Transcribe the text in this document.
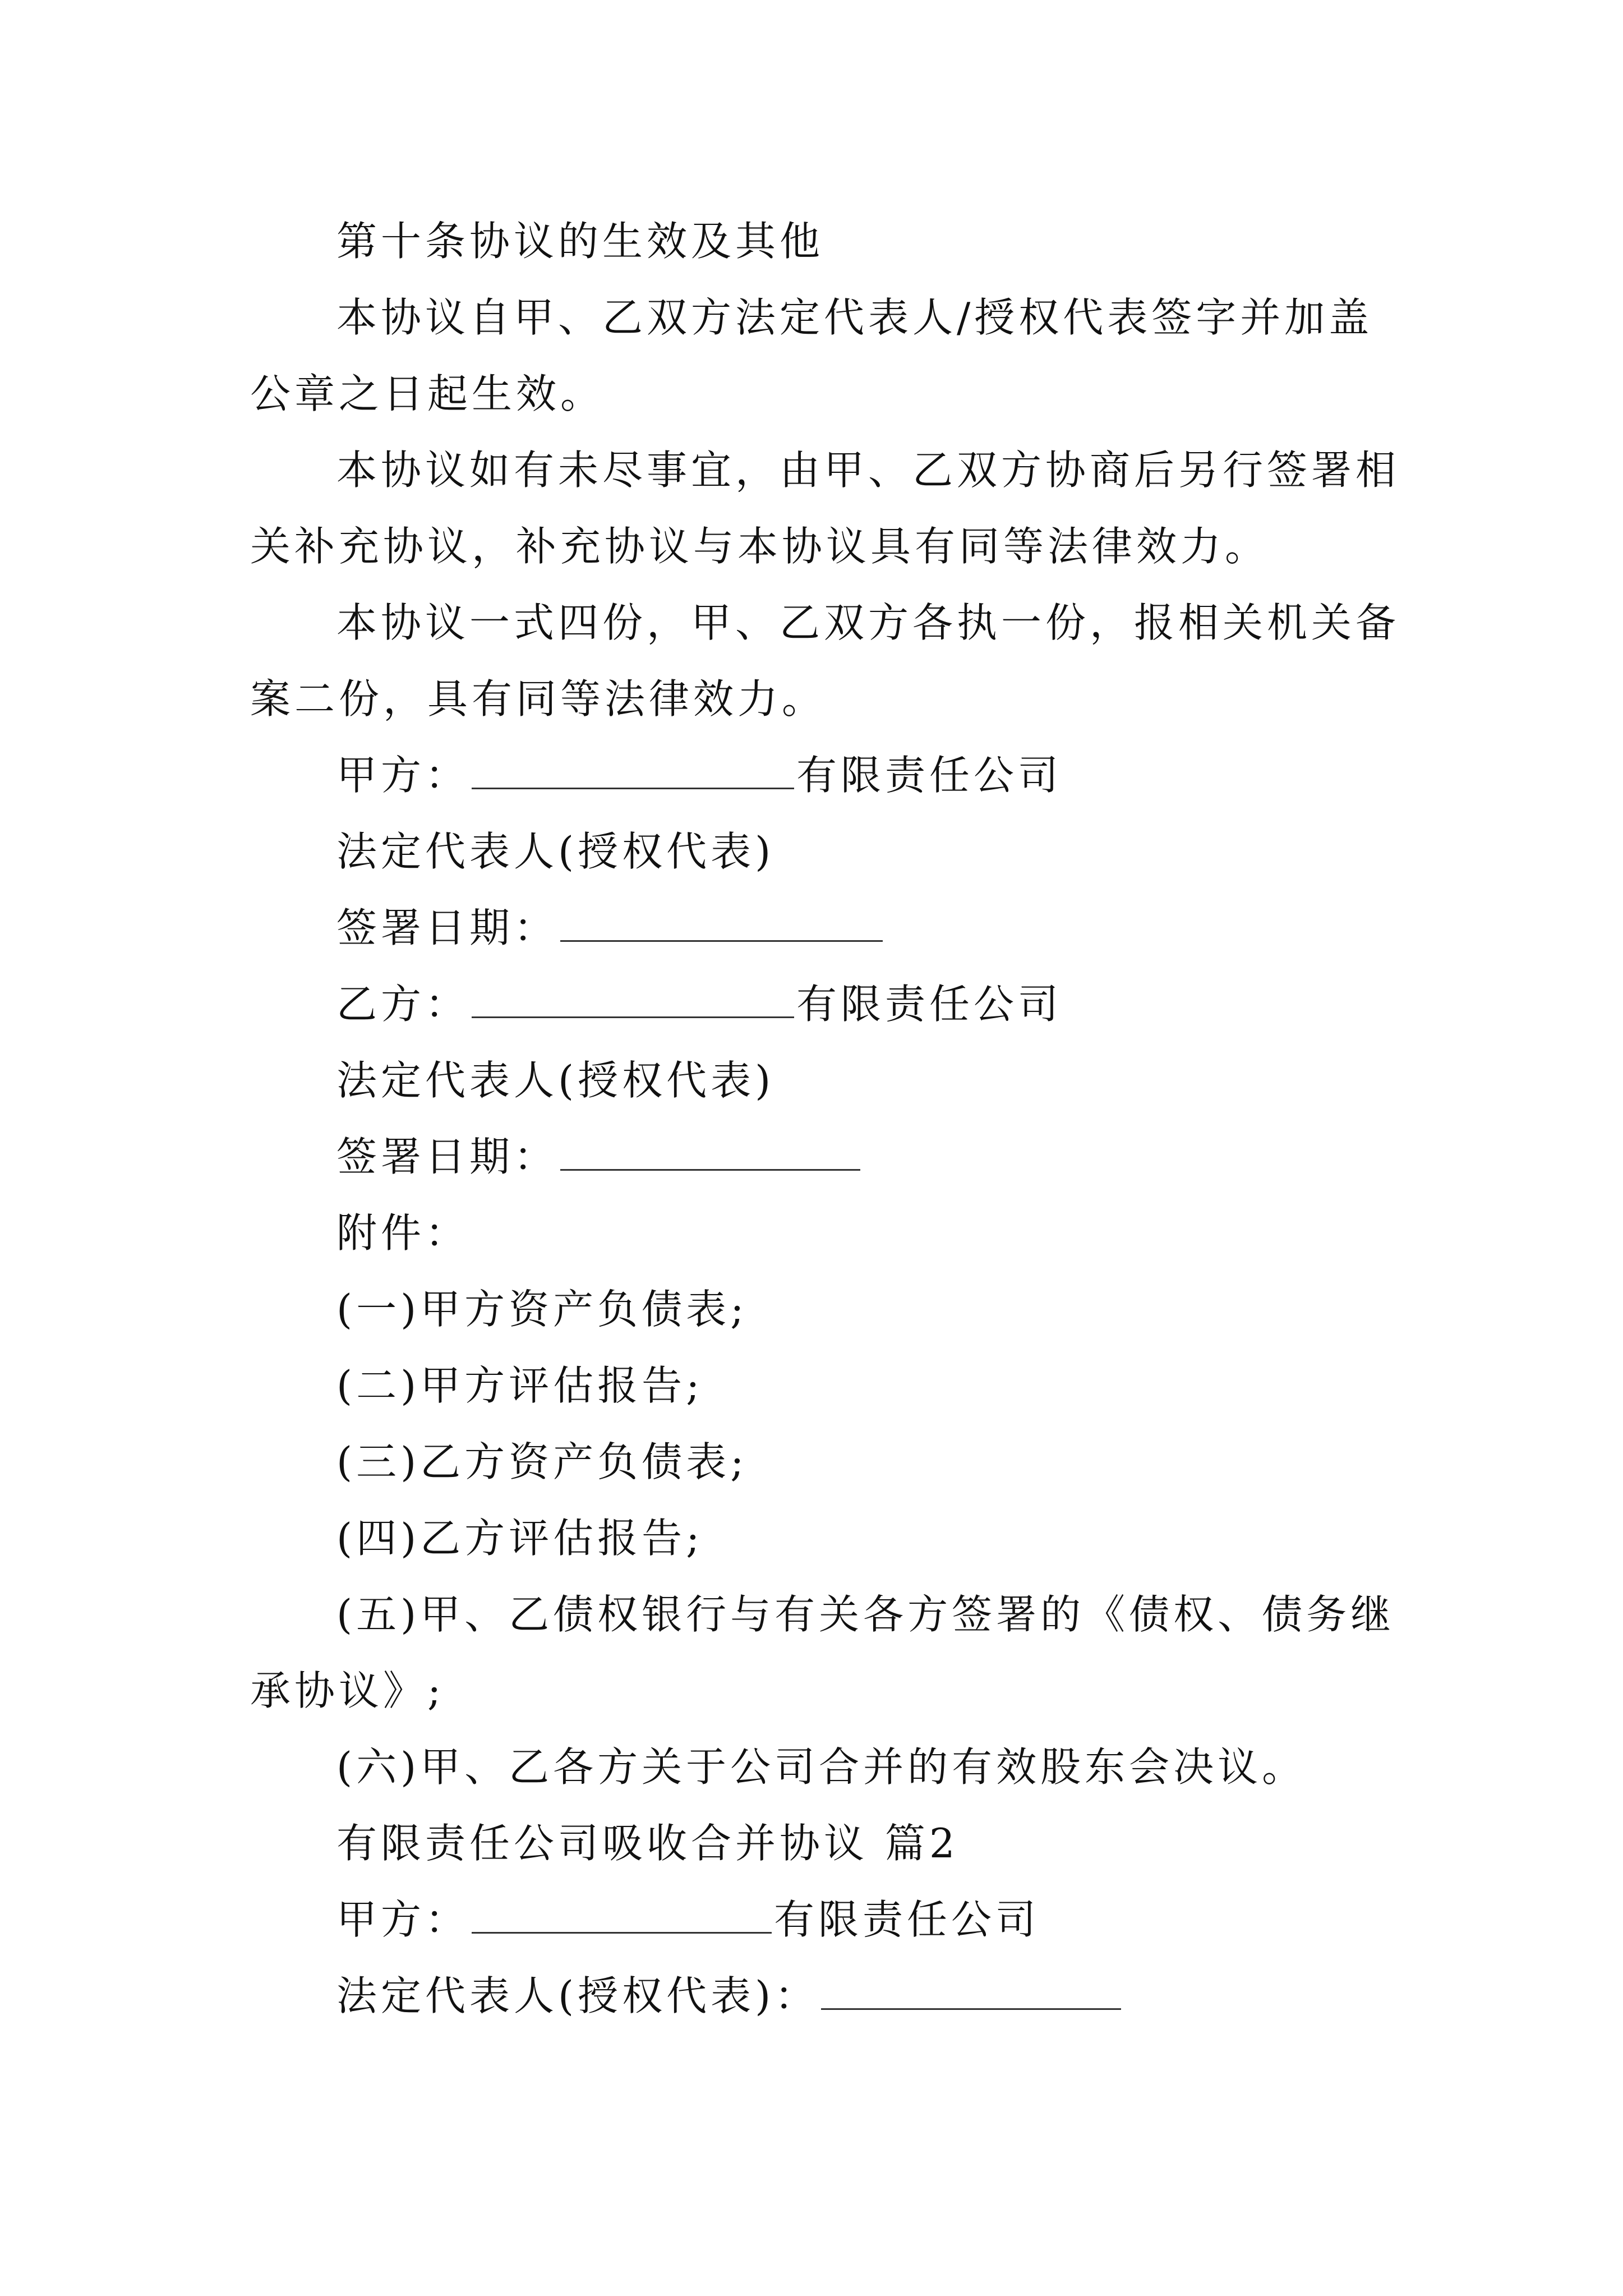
第十条协议的生效及其他
本协议自甲、乙双方法定代表人/授权代表签字并加盖
公章之日起生效。
本协议如有未尽事宜，由甲、乙双方协商后另行签署相
关补充协议，补充协议与本协议具有同等法律效力。
本协议一式四份，甲、乙双方各执一份，报相关机关备
案二份，具有同等法律效力。
甲方：	有限责任公司
法定代表人(授权代表)
签署日期：
乙方：	有限责任公司
法定代表人(授权代表)
签署日期：
附件：
(一)甲方资产负债表;
(二)甲方评估报告;
(三)乙方资产负债表;
(四)乙方评估报告;
(五)甲、乙债权银行与有关各方签署的《债权、债务继
承协议》;
(六)甲、乙各方关于公司合并的有效股东会决议。
有限责任公司吸收合并协议 篇2
甲方：	有限责任公司
法定代表人(授权代表)：
